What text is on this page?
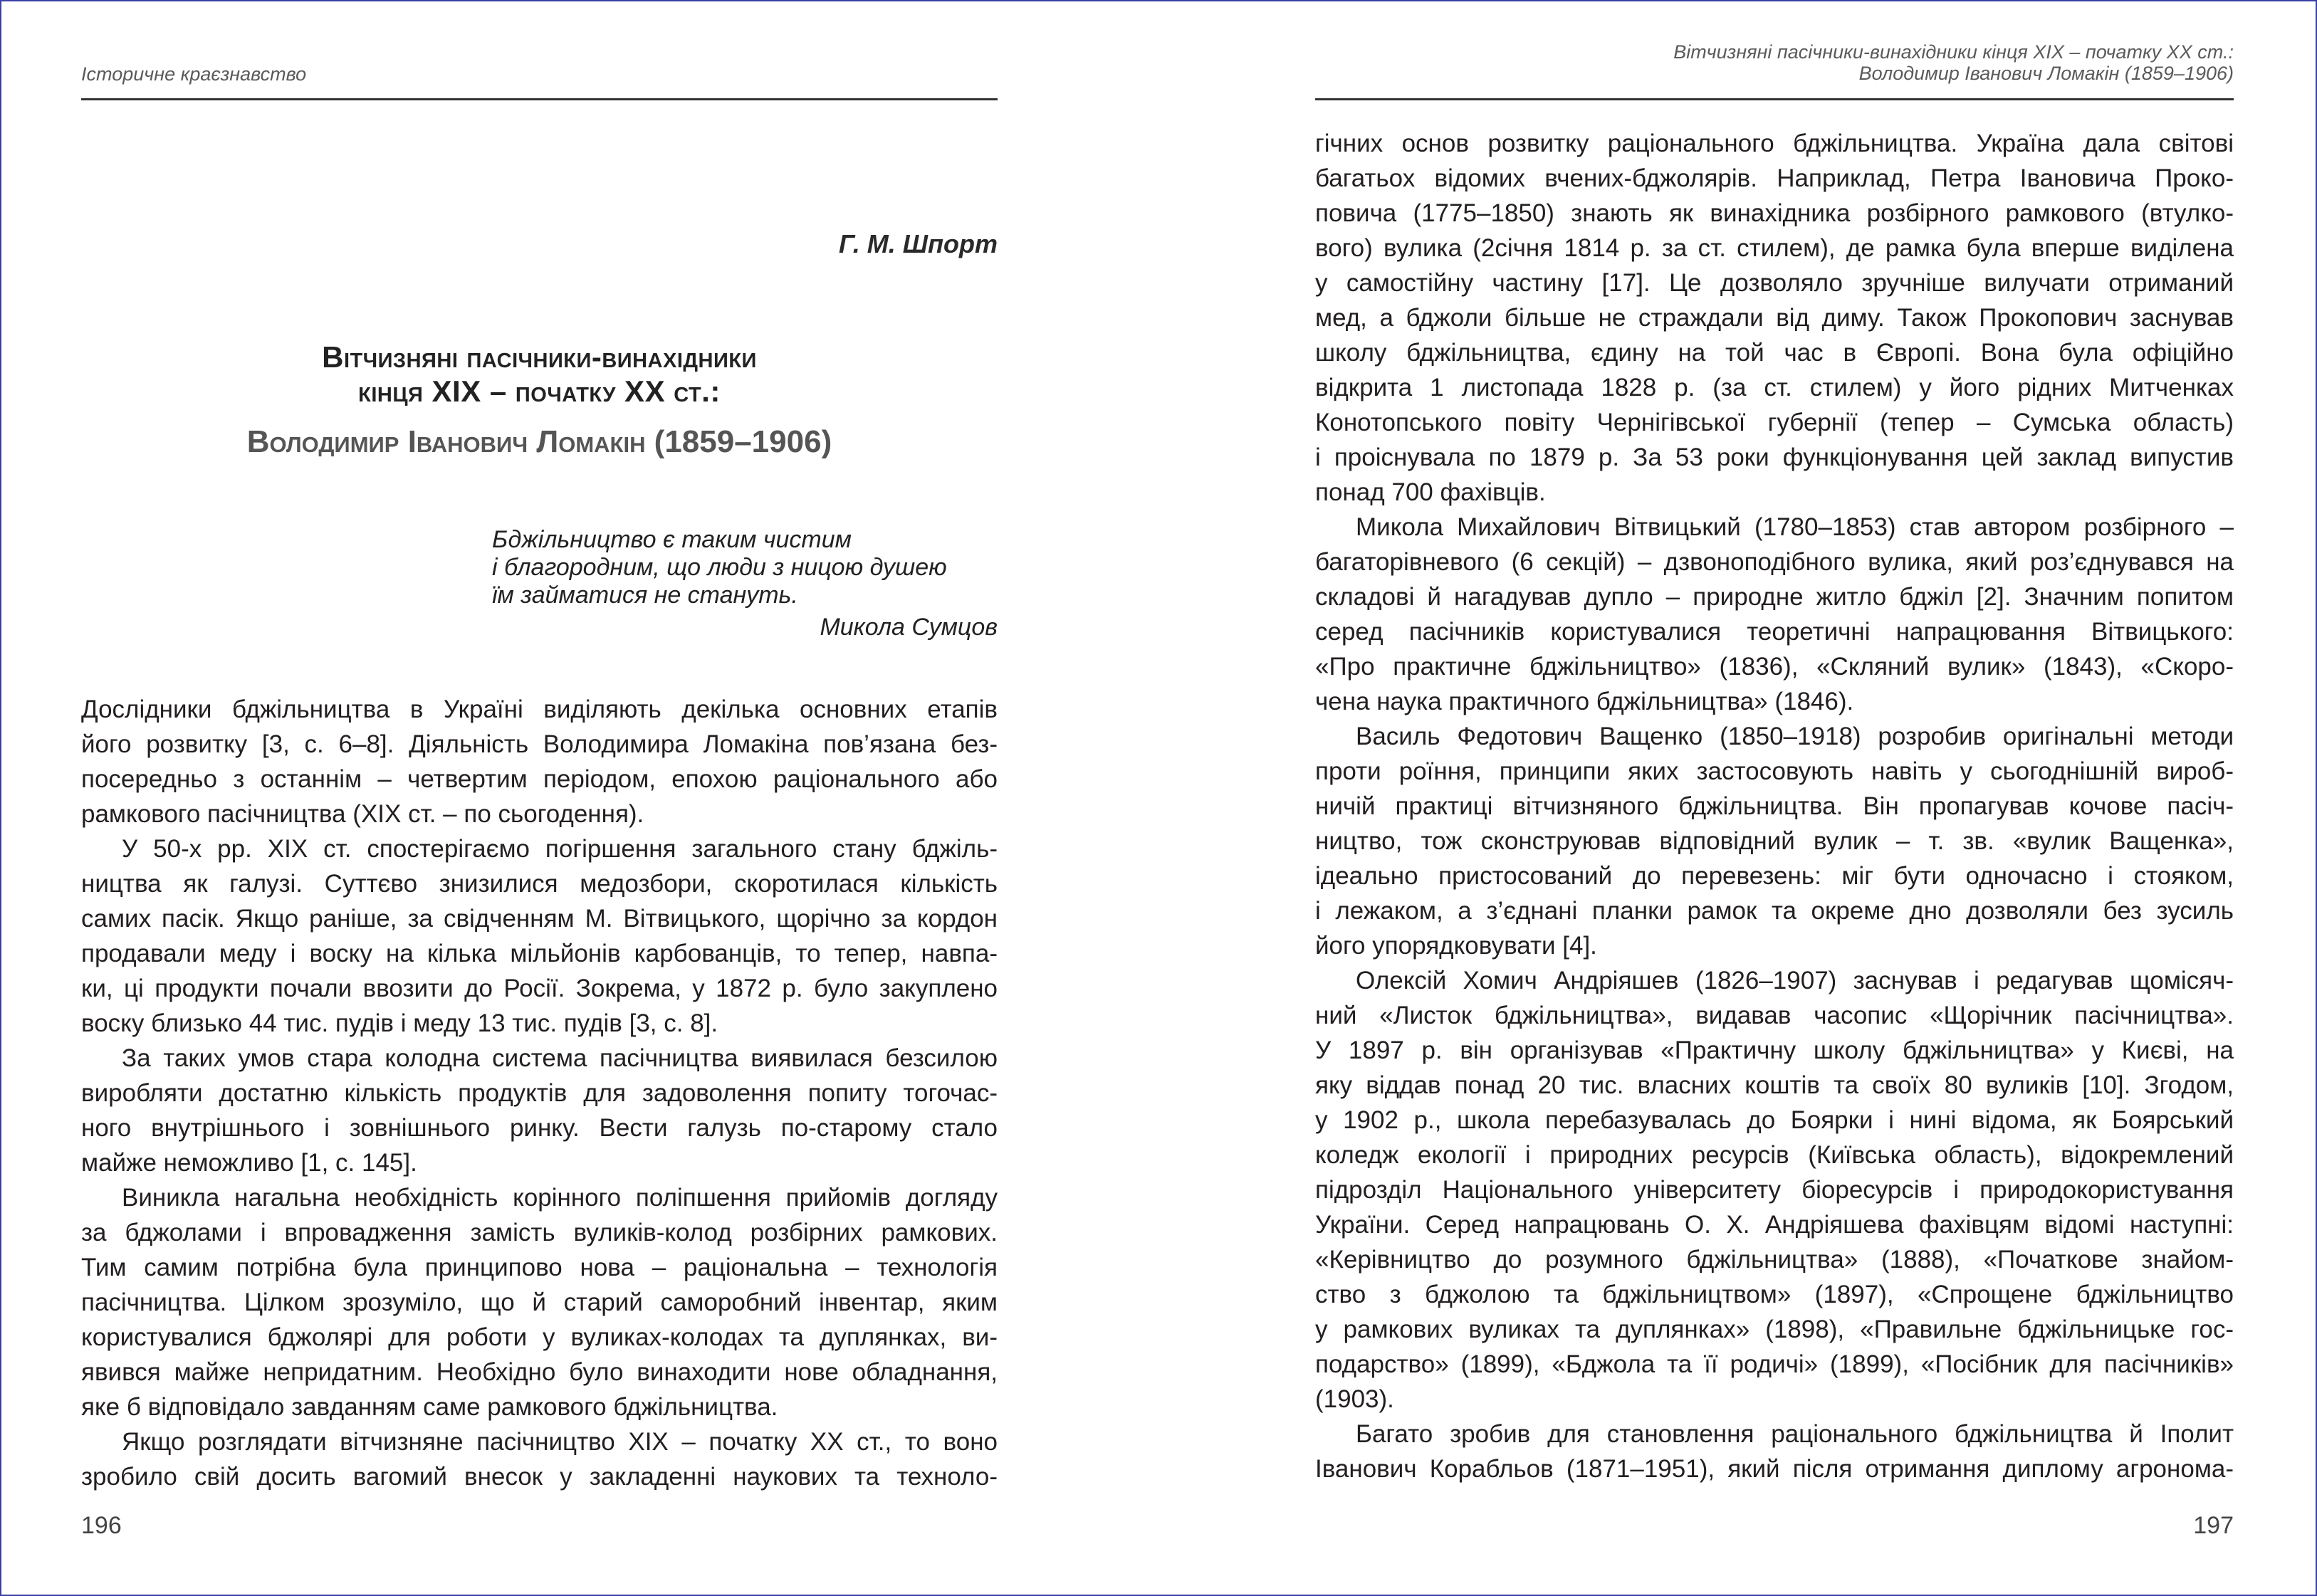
Історичне краєзнавство
Г. М. Шпорт
Вітчизняні пасічники-винахідники
кінця XIX – початку XX ст.:
Володимир Іванович Ломакін (1859–1906)
Бджільництво є таким чистим
і благородним, що люди з ницою душею
їм займатися не стануть.
Микола Сумцов
Дослідники бджільництва в Україні виділяють декілька основних етапів
його розвитку [3, с. 6–8]. Діяльність Володимира Ломакіна пов’язана без-
посередньо з останнім – четвертим періодом, епохою раціонального або
рамкового пасічництва (XIX ст. – по сьогодення).
У 50-х рр. XIX ст. спостерігаємо погіршення загального стану бджіль-
ництва як галузі. Суттєво знизилися медозбори, скоротилася кількість
самих пасік. Якщо раніше, за свідченням М. Вітвицького, щорічно за кордон
продавали меду і воску на кілька мільйонів карбованців, то тепер, навпа-
ки, ці продукти почали ввозити до Росії. Зокрема, у 1872 р. було закуплено
воску близько 44 тис. пудів і меду 13 тис. пудів [3, с. 8].
За таких умов стара колодна система пасічництва виявилася безсилою
виробляти достатню кількість продуктів для задоволення попиту тогочас-
ного внутрішнього і зовнішнього ринку. Вести галузь по-старому стало
майже неможливо [1, с. 145].
Виникла нагальна необхідність корінного поліпшення прийомів догляду
за бджолами і впровадження замість вуликів-колод розбірних рамкових.
Тим самим потрібна була принципово нова – раціональна – технологія
пасічництва. Цілком зрозуміло, що й старий саморобний інвентар, яким
користувалися бджолярі для роботи у вуликах-колодах та дуплянках, ви-
явився майже непридатним. Необхідно було винаходити нове обладнання,
яке б відповідало завданням саме рамкового бджільництва.
Якщо розглядати вітчизняне пасічництво XIX – початку XX ст., то воно
зробило свій досить вагомий внесок у закладенні наукових та техноло-
196
Вітчизняні пасічники-винахідники кінця XIX – початку XX ст.:
Володимир Іванович Ломакін (1859–1906)
гічних основ розвитку раціонального бджільництва. Україна дала світові
багатьох відомих вчених-бджолярів. Наприклад, Петра Івановича Проко-
повича (1775–1850) знають як винахідника розбірного рамкового (втулко-
вого) вулика (2січня 1814 р. за ст. стилем), де рамка була вперше виділена
у самостійну частину [17]. Це дозволяло зручніше вилучати отриманий
мед, а бджоли більше не страждали від диму. Також Прокопович заснував
школу бджільництва, єдину на той час в Європі. Вона була офіційно
відкрита 1 листопада 1828 р. (за ст. стилем) у його рідних Митченках
Конотопського повіту Чернігівської губернії (тепер – Сумська область)
і проіснувала по 1879 р. За 53 роки функціонування цей заклад випустив
понад 700 фахівців.
Микола Михайлович Вітвицький (1780–1853) став автором розбірного –
багаторівневого (6 секцій) – дзвоноподібного вулика, який роз’єднувався на
складові й нагадував дупло – природне житло бджіл [2]. Значним попитом
серед пасічників користувалися теоретичні напрацювання Вітвицького:
«Про практичне бджільництво» (1836), «Скляний вулик» (1843), «Скоро-
чена наука практичного бджільництва» (1846).
Василь Федотович Ващенко (1850–1918) розробив оригінальні методи
проти роїння, принципи яких застосовують навіть у сьогоднішній вироб-
ничій практиці вітчизняного бджільництва. Він пропагував кочове пасіч-
ництво, тож сконструював відповідний вулик – т. зв. «вулик Ващенка»,
ідеально пристосований до перевезень: міг бути одночасно і стояком,
і лежаком, а з’єднані планки рамок та окреме дно дозволяли без зусиль
його упорядковувати [4].
Олексій Хомич Андріяшев (1826–1907) заснував і редагував щомісяч-
ний «Листок бджільництва», видавав часопис «Щорічник пасічництва».
У 1897 р. він організував «Практичну школу бджільництва» у Києві, на
яку віддав понад 20 тис. власних коштів та своїх 80 вуликів [10]. Згодом,
у 1902 р., школа перебазувалась до Боярки і нині відома, як Боярський
коледж екології і природних ресурсів (Київська область), відокремлений
підрозділ Національного університету біоресурсів і природокористування
України. Серед напрацювань О. Х. Андріяшева фахівцям відомі наступні:
«Керівництво до розумного бджільництва» (1888), «Початкове знайом-
ство з бджолою та бджільництвом» (1897), «Спрощене бджільництво
у рамкових вуликах та дуплянках» (1898), «Правильне бджільницьке гос-
подарство» (1899), «Бджола та її родичі» (1899), «Посібник для пасічників»
(1903).
Багато зробив для становлення раціонального бджільництва й Іполит
Іванович Корабльов (1871–1951), який після отримання диплому агронома-
197
